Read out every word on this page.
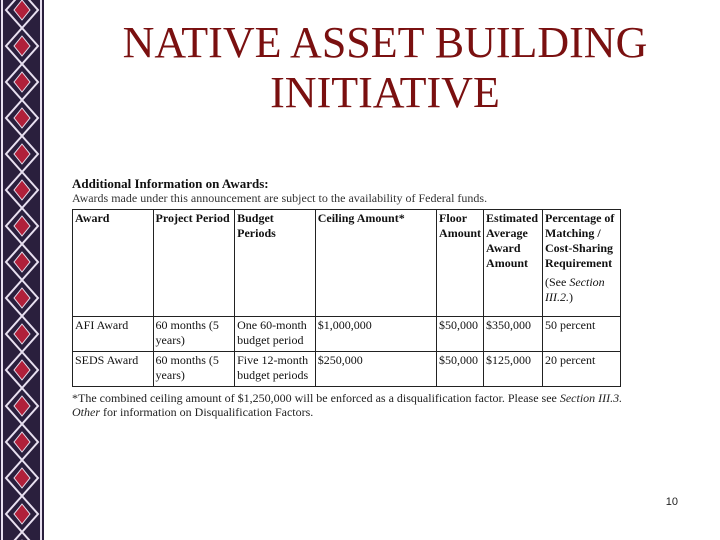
NATIVE ASSET BUILDING
INITIATIVE
Additional Information on Awards:
Awards made under this announcement are subject to the availability of Federal funds.
Award	Project Period	Budget Periods	Ceiling Amount*	Floor Amount	Estimated Average Award Amount	Percentage of Matching / Cost-Sharing Requirement
(See Section III.2.)

AFI Award	60 months (5 years)	One 60-month budget period	$1,000,000	$50,000	$350,000	50 percent
SEDS Award	60 months (5 years)	Five 12-month budget periods	$250,000	$50,000	$125,000	20 percent
*The combined ceiling amount of $1,250,000 will be enforced as a disqualification factor. Please see Section III.3. Other for information on Disqualification Factors.
10
